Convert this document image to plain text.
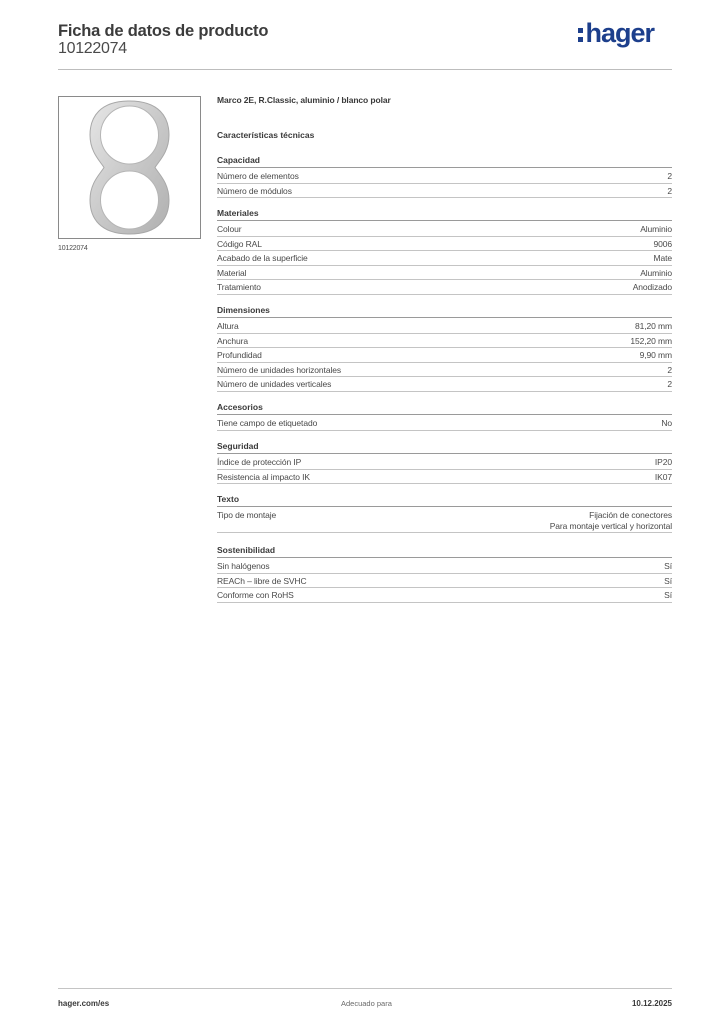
Ficha de datos de producto
10122074
hager
10122074
Marco 2E, R.Classic, aluminio / blanco polar
Características técnicas
Capacidad
Número de elementos	2
Número de módulos	2
Materiales
Colour	Aluminio
Código RAL	9006
Acabado de la superficie	Mate
Material	Aluminio
Tratamiento	Anodizado
Dimensiones
Altura	81,20 mm
Anchura	152,20 mm
Profundidad	9,90 mm
Número de unidades horizontales	2
Número de unidades verticales	2
Accesorios
Tiene campo de etiquetado	No
Seguridad
Índice de protección IP	IP20
Resistencia al impacto IK	IK07
Texto
Tipo de montaje	Fijación de conectores
Para montaje vertical y horizontal
Sostenibilidad
Sin halógenos	Sí
REACh – libre de SVHC	Sí
Conforme con RoHS	Sí
hager.com/es	Adecuado para	10.12.2025
